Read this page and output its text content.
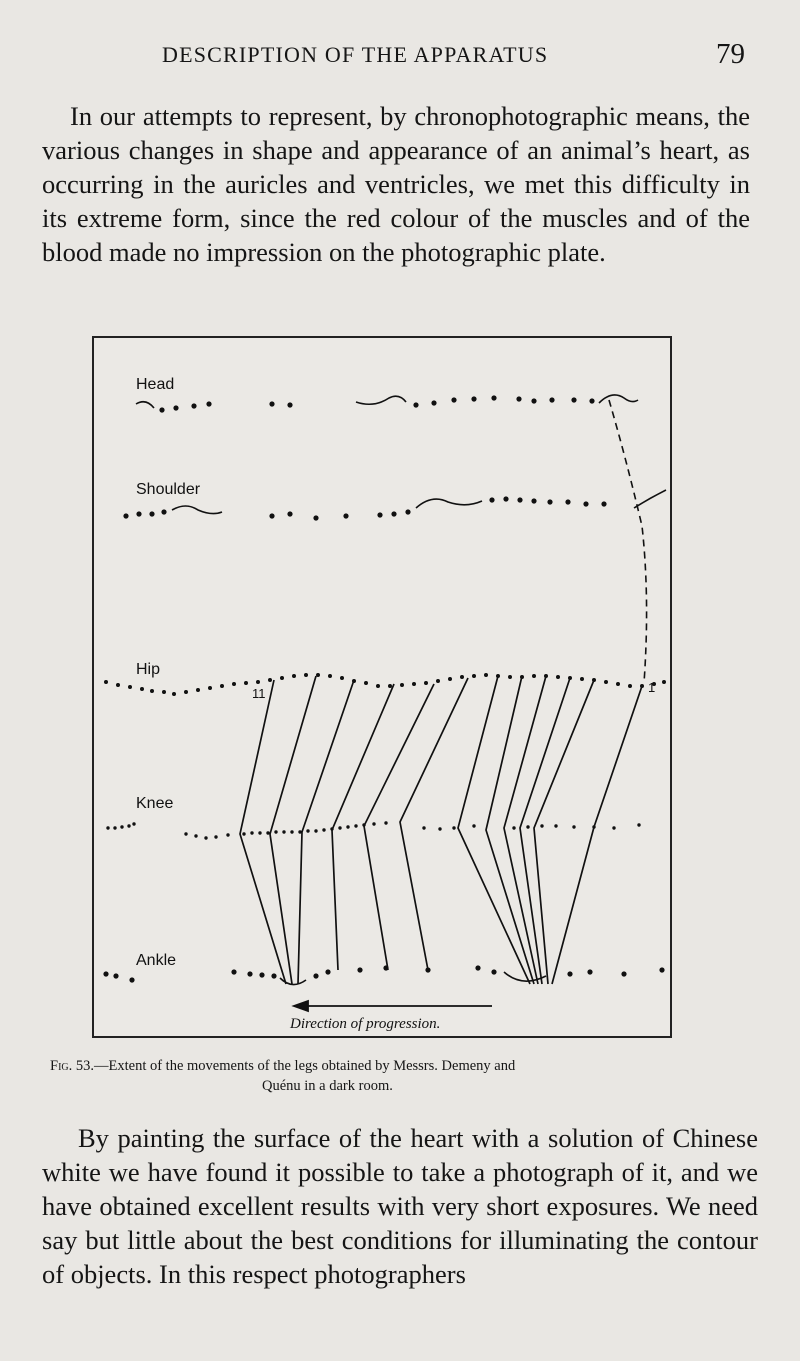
DESCRIPTION OF THE APPARATUS	79

In our attempts to represent, by chronophotographic means, the various changes in shape and appearance of an animal’s heart, as occurring in the auricles and ventricles, we met this difficulty in its extreme form, since the red colour of the muscles and of the blood made no impression on the photographic plate.

Head
Shoulder
Hip
Knee
Ankle
11	1
Direction of progression.

Fig. 53.—Extent of the movements of the legs obtained by Messrs. Demeny and
Quénu in a dark room.

By painting the surface of the heart with a solution of Chinese white we have found it possible to take a photograph of it, and we have obtained excellent results with very short exposures. We need say but little about the best conditions for illuminating the contour of objects. In this respect photographers
